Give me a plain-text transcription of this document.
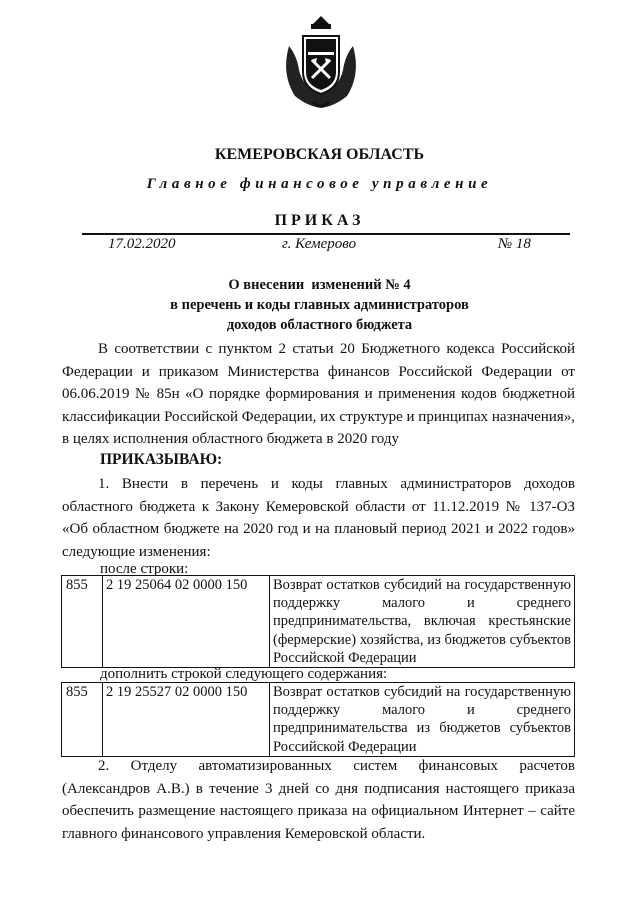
КЕМЕРОВСКАЯ ОБЛАСТЬ
Главное финансовое управление
ПРИКАЗ
17.02.2020	г. Кемерово	№ 18
О внесении  изменений № 4
в перечень и коды главных администраторов
доходов областного бюджета
В соответствии с пунктом 2 статьи 20 Бюджетного кодекса Российской Федерации и приказом Министерства финансов Российской Федерации от 06.06.2019 № 85н «О порядке формирования и применения кодов бюджетной классификации Российской Федерации, их структуре и принципах назначения», в целях исполнения областного бюджета в 2020 году
ПРИКАЗЫВАЮ:
1. Внести в перечень и коды главных администраторов доходов областного бюджета к Закону Кемеровской области от 11.12.2019 № 137-ОЗ «Об областном бюджете на 2020 год и на плановый период 2021 и 2022 годов» следующие изменения:
после строки:
855	2 19 25064 02 0000 150	Возврат остатков субсидий на государственную поддержку малого и среднего предпринимательства, включая крестьянские (фермерские) хозяйства, из бюджетов субъектов Российской Федерации
дополнить строкой следующего содержания:
855	2 19 25527 02 0000 150	Возврат остатков субсидий на государственную поддержку малого и среднего предпринимательства из бюджетов субъектов Российской Федерации
2. Отделу автоматизированных систем финансовых расчетов (Александров А.В.) в течение 3 дней со дня подписания настоящего приказа обеспечить размещение настоящего приказа на официальном Интернет – сайте главного финансового управления Кемеровской области.
